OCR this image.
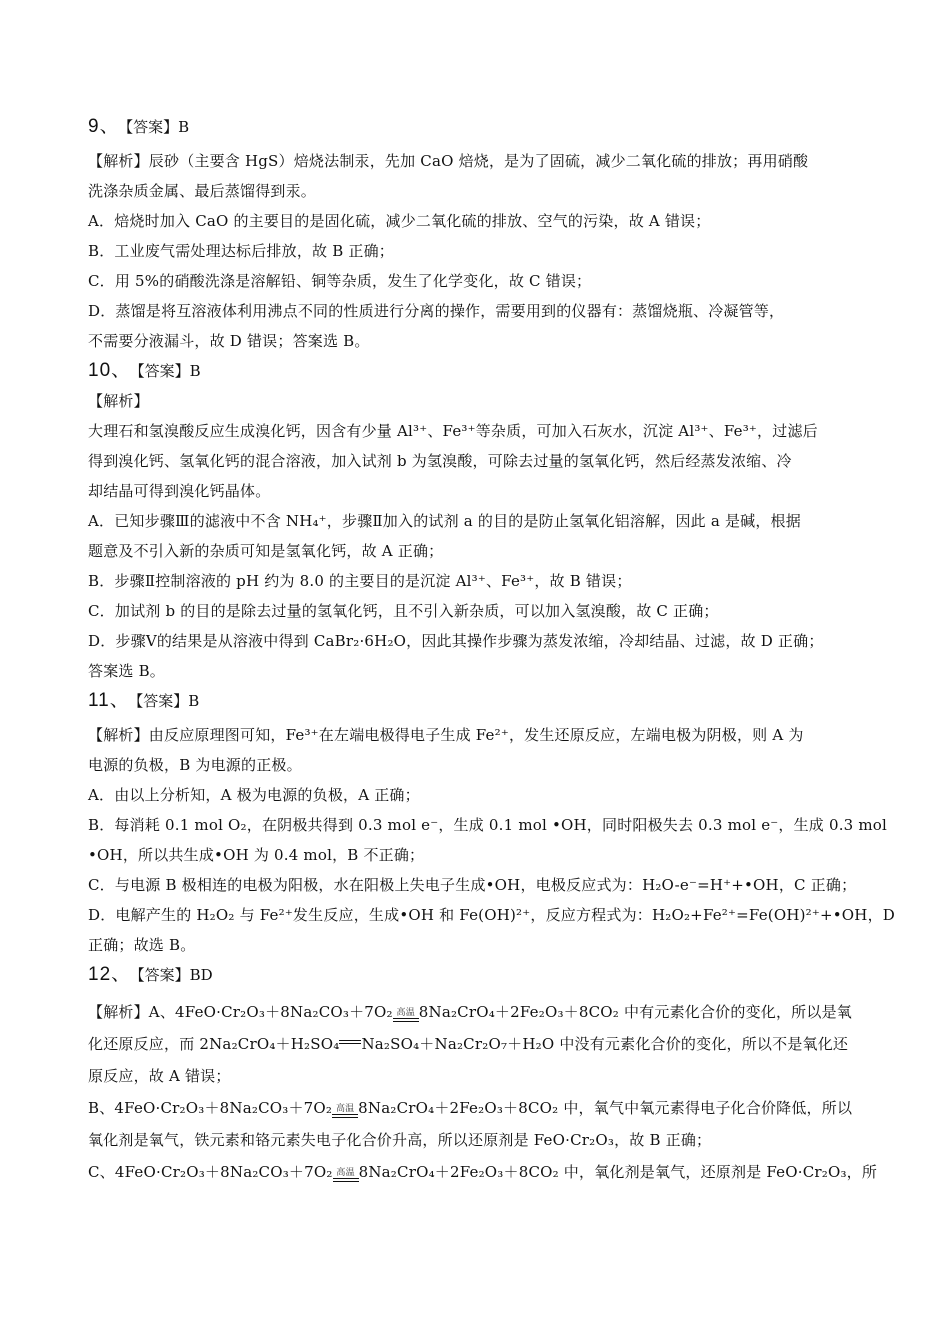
9、 【答案】B

【解析】辰砂（主要含 HgS）焙烧法制汞，先加 CaO 焙烧，是为了固硫，减少二氧化硫的排放；再用硝酸

洗涤杂质金属、最后蒸馏得到汞。

A．焙烧时加入 CaO 的主要目的是固化硫，减少二氧化硫的排放、空气的污染，故 A 错误；

B．工业废气需处理达标后排放，故 B 正确；

C．用 5%的硝酸洗涤是溶解铅、铜等杂质，发生了化学变化，故 C 错误；

D．蒸馏是将互溶液体利用沸点不同的性质进行分离的操作，需要用到的仪器有：蒸馏烧瓶、冷凝管等，

不需要分液漏斗，故 D 错误；答案选 B。

10、 【答案】B

【解析】

大理石和氢溴酸反应生成溴化钙，因含有少量 Al³⁺、Fe³⁺等杂质，可加入石灰水，沉淀 Al³⁺、Fe³⁺，过滤后

得到溴化钙、氢氧化钙的混合溶液，加入试剂 b 为氢溴酸，可除去过量的氢氧化钙，然后经蒸发浓缩、冷

却结晶可得到溴化钙晶体。

A．已知步骤Ⅲ的滤液中不含 NH₄⁺，步骤Ⅱ加入的试剂 a 的目的是防止氢氧化铝溶解，因此 a 是碱，根据

题意及不引入新的杂质可知是氢氧化钙，故 A 正确；

B．步骤Ⅱ控制溶液的 pH 约为 8.0 的主要目的是沉淀 Al³⁺、Fe³⁺，故 B 错误；

C．加试剂 b 的目的是除去过量的氢氧化钙，且不引入新杂质，可以加入氢溴酸，故 C 正确；

D．步骤Ⅴ的结果是从溶液中得到 CaBr₂·6H₂O，因此其操作步骤为蒸发浓缩，冷却结晶、过滤，故 D 正确；

答案选 B。

11、 【答案】B

【解析】由反应原理图可知，Fe³⁺在左端电极得电子生成 Fe²⁺，发生还原反应，左端电极为阴极，则 A 为

电源的负极，B 为电源的正极。

A．由以上分析知，A 极为电源的负极，A 正确；

B．每消耗 0.1 mol O₂，在阴极共得到 0.3 mol e⁻，生成 0.1 mol •OH，同时阳极失去 0.3 mol e⁻，生成 0.3 mol

•OH，所以共生成•OH 为 0.4 mol，B 不正确；

C．与电源 B 极相连的电极为阳极，水在阳极上失电子生成•OH，电极反应式为：H₂O-e⁻=H⁺+•OH，C 正确；

D．电解产生的 H₂O₂ 与 Fe²⁺发生反应，生成•OH 和 Fe(OH)²⁺，反应方程式为：H₂O₂+Fe²⁺=Fe(OH)²⁺+•OH，D

正确；故选 B。

12、 【答案】BD

【解析】A、4FeO·Cr₂O₃＋8Na₂CO₃＋7O₂ 高温 8Na₂CrO₄＋2Fe₂O₃＋8CO₂ 中有元素化合价的变化，所以是氧

化还原反应，而 2Na₂CrO₄＋H₂SO₄ Na₂SO₄＋Na₂Cr₂O₇＋H₂O 中没有元素化合价的变化，所以不是氧化还

原反应，故 A 错误；

B、4FeO·Cr₂O₃＋8Na₂CO₃＋7O₂ 高温 8Na₂CrO₄＋2Fe₂O₃＋8CO₂ 中，氧气中氧元素得电子化合价降低，所以

氧化剂是氧气，铁元素和铬元素失电子化合价升高，所以还原剂是 FeO·Cr₂O₃，故 B 正确；

C、4FeO·Cr₂O₃＋8Na₂CO₃＋7O₂ 高温 8Na₂CrO₄＋2Fe₂O₃＋8CO₂ 中，氧化剂是氧气，还原剂是 FeO·Cr₂O₃，所
